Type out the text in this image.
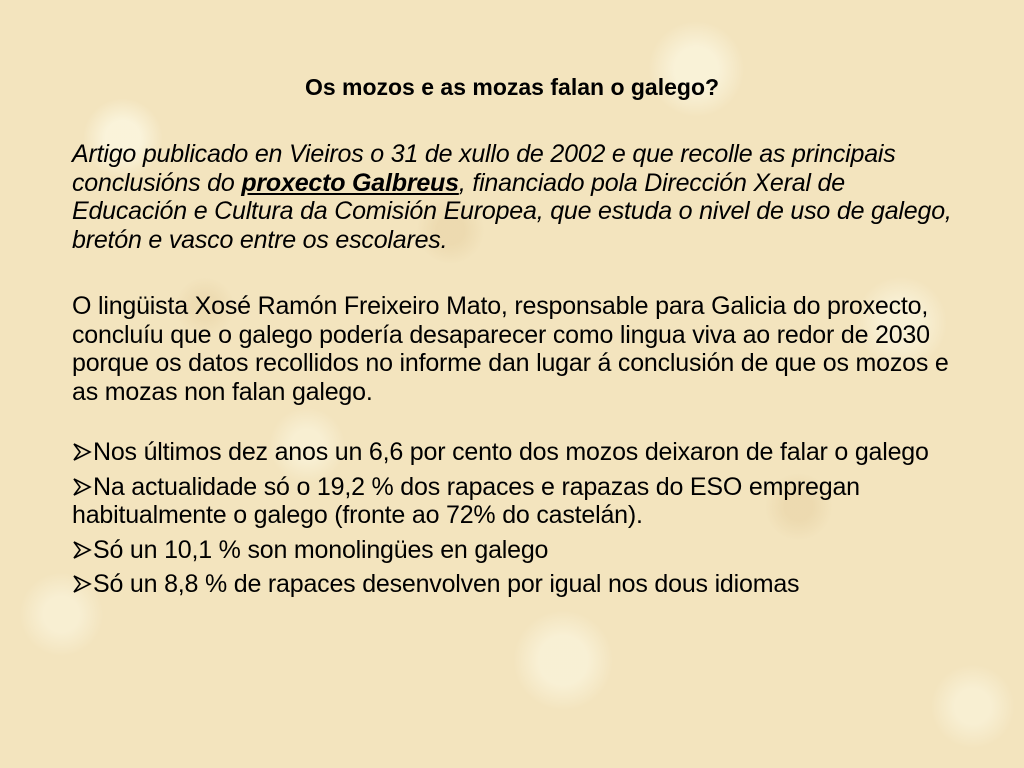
Os mozos e as mozas falan o galego?

Artigo publicado en Vieiros o 31 de xullo de 2002 e que recolle as principais conclusións do proxecto Galbreus, financiado pola Dirección Xeral de Educación e Cultura da Comisión Europea, que estuda o nivel de uso de galego, bretón e vasco entre os escolares.

O lingüista Xosé Ramón Freixeiro Mato, responsable para Galicia do proxecto, concluíu que o galego podería desaparecer como lingua viva ao redor de 2030 porque os datos recollidos no informe dan lugar á conclusión de que os mozos e as mozas non falan galego.

Nos últimos dez anos un 6,6 por cento dos mozos deixaron de falar o galego
Na actualidade só o 19,2 % dos rapaces e rapazas do ESO empregan habitualmente o galego (fronte ao 72% do castelán).
Só un 10,1 % son monolingües en galego
Só un 8,8 % de rapaces desenvolven por igual nos dous idiomas
